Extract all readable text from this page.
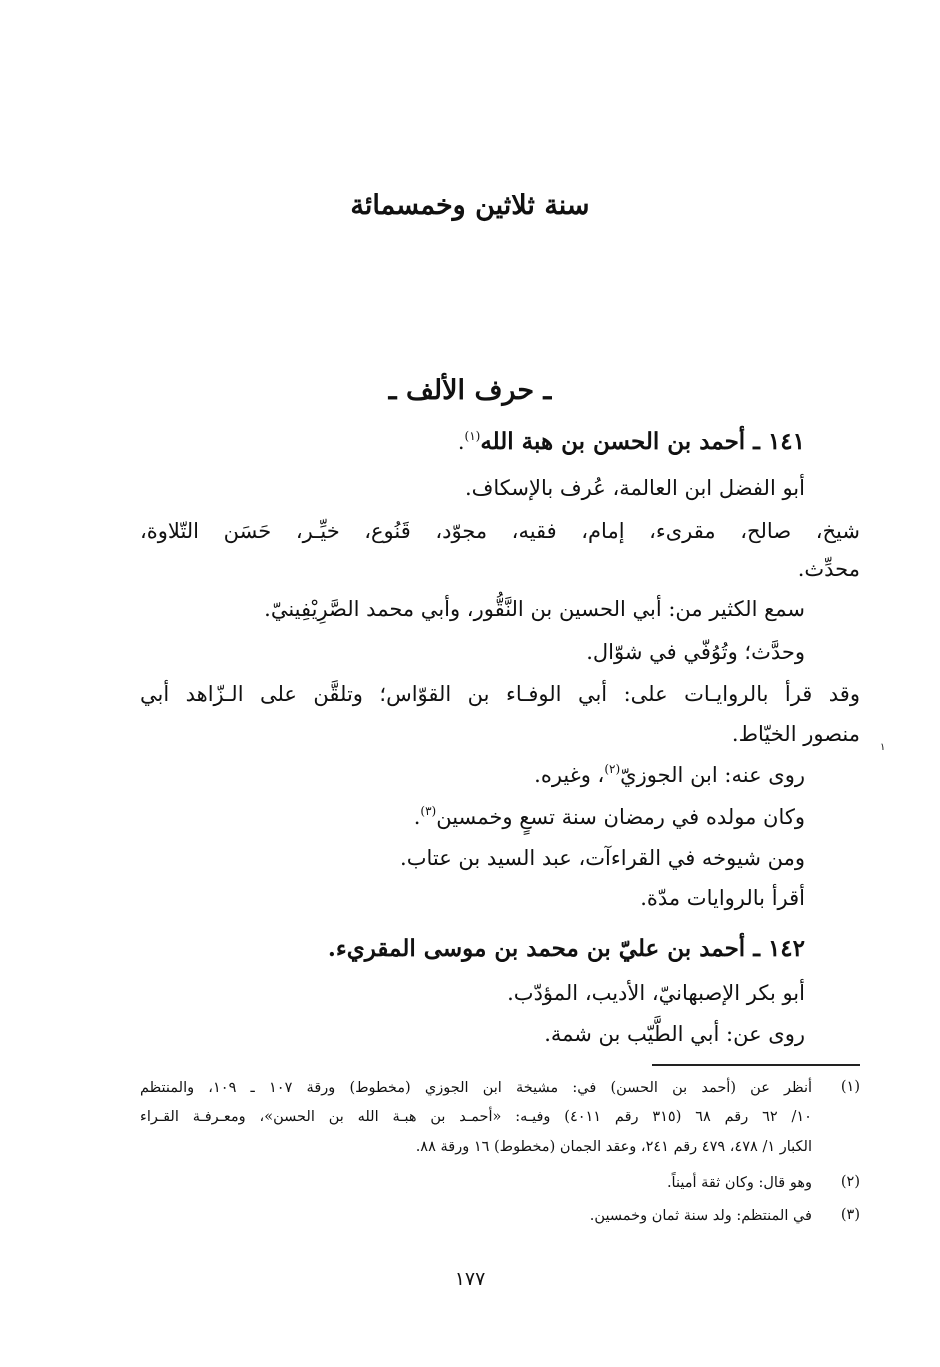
سنة ثلاثين وخمسمائة
ـ حرف الألف ـ
١٤١ ـ أحمد بن الحسن بن هبة الله$^{(١)}$.
أبو الفضل ابن العالمة، عُرف بالإسكاف.
شيخ، صالح، مقرىء، إمام، فقيه، مجوّد، قَنُوع، خيِّـر، حَسَن التّلاوة،
محدِّث.
سمع الكثير من: أبي الحسين بن النَّقُّور، وأبي محمد الصَّرِيْفِينيّ.
وحدَّث؛ وتُوُفّي في شوّال.
وقد قرأ بالروايـات على: أبي الوفـاء بن القوّاس؛ وتلقَّن على الـزّاهد أبي
منصور الخيّاط.
روى عنه: ابن الجوزيّ$^{(٢)}$، وغيره.
وكان مولده في رمضان سنة تسعٍ وخمسين$^{(٣)}$.
ومن شيوخه في القراءآت، عبد السيد بن عتاب.
أقرأ بالروايات مدّة.
١٤٢ ـ أحمد بن عليّ بن محمد بن موسى المقريء.
أبو بكر الإصبهانيّ، الأديب، المؤدّب.
روى عن: أبي الطَّيّب بن شمة.
١
(١)
أنظر عن (أحمد بن الحسن) في: مشيخة ابن الجوزي (مخطوط) ورقة ١٠٧ ـ ١٠٩، والمنتظم
١٠/ ٦٢ رقم ٦٨ (٣١٥ رقم ٤٠١١) وفيـه: «أحمـد بن هبـة الله بن الحسن»، ومعـرفـة القـراء
الكبار ١/ ٤٧٨، ٤٧٩ رقم ٢٤١، وعقد الجمان (مخطوط) ١٦ ورقة ٨٨.
(٢)
وهو قال: وكان ثقة أميناً.
(٣)
في المنتظم: ولد سنة ثمان وخمسين.
١٧٧
